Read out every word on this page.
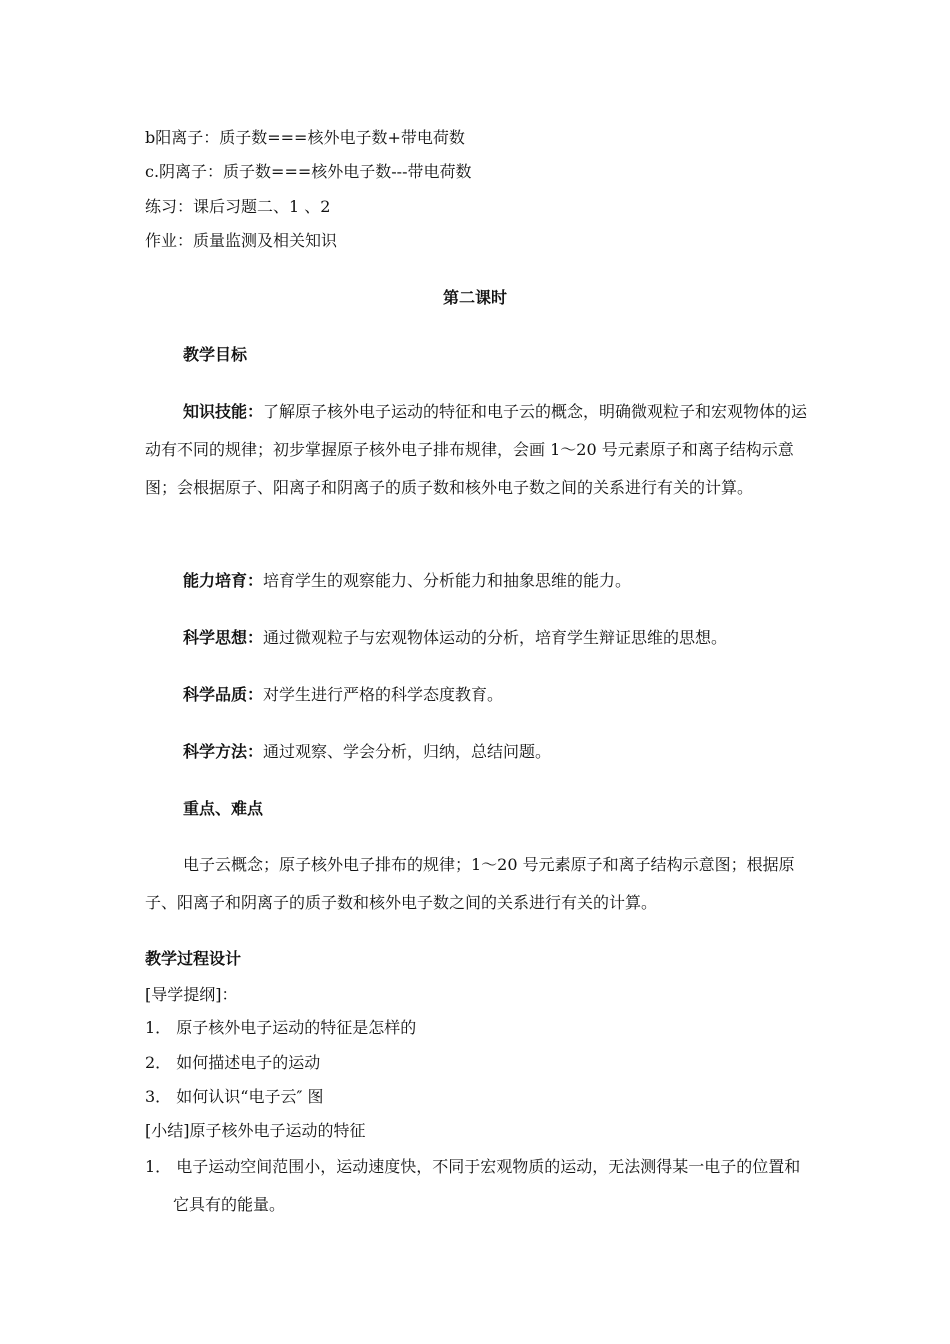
b阳离子：质子数===核外电子数+带电荷数
c.阴离子：质子数===核外电子数---带电荷数
练习：课后习题二、1 、2
作业：质量监测及相关知识
第二课时
教学目标
知识技能：了解原子核外电子运动的特征和电子云的概念，明确微观粒子和宏观物体的运动有不同的规律；初步掌握原子核外电子排布规律，会画 1～20 号元素原子和离子结构示意图；会根据原子、阳离子和阴离子的质子数和核外电子数之间的关系进行有关的计算。
能力培育：培育学生的观察能力、分析能力和抽象思维的能力。
科学思想：通过微观粒子与宏观物体运动的分析，培育学生辩证思维的思想。
科学品质：对学生进行严格的科学态度教育。
科学方法：通过观察、学会分析，归纳，总结问题。
重点、难点
电子云概念；原子核外电子排布的规律；1～20 号元素原子和离子结构示意图；根据原子、阳离子和阴离子的质子数和核外电子数之间的关系进行有关的计算。
教学过程设计
[导学提纲]：
1． 原子核外电子运动的特征是怎样的
2． 如何描述电子的运动
3． 如何认识“电子云″ 图
[小结]原子核外电子运动的特征
1． 电子运动空间范围小，运动速度快，不同于宏观物质的运动，无法测得某一电子的位置和它具有的能量。
